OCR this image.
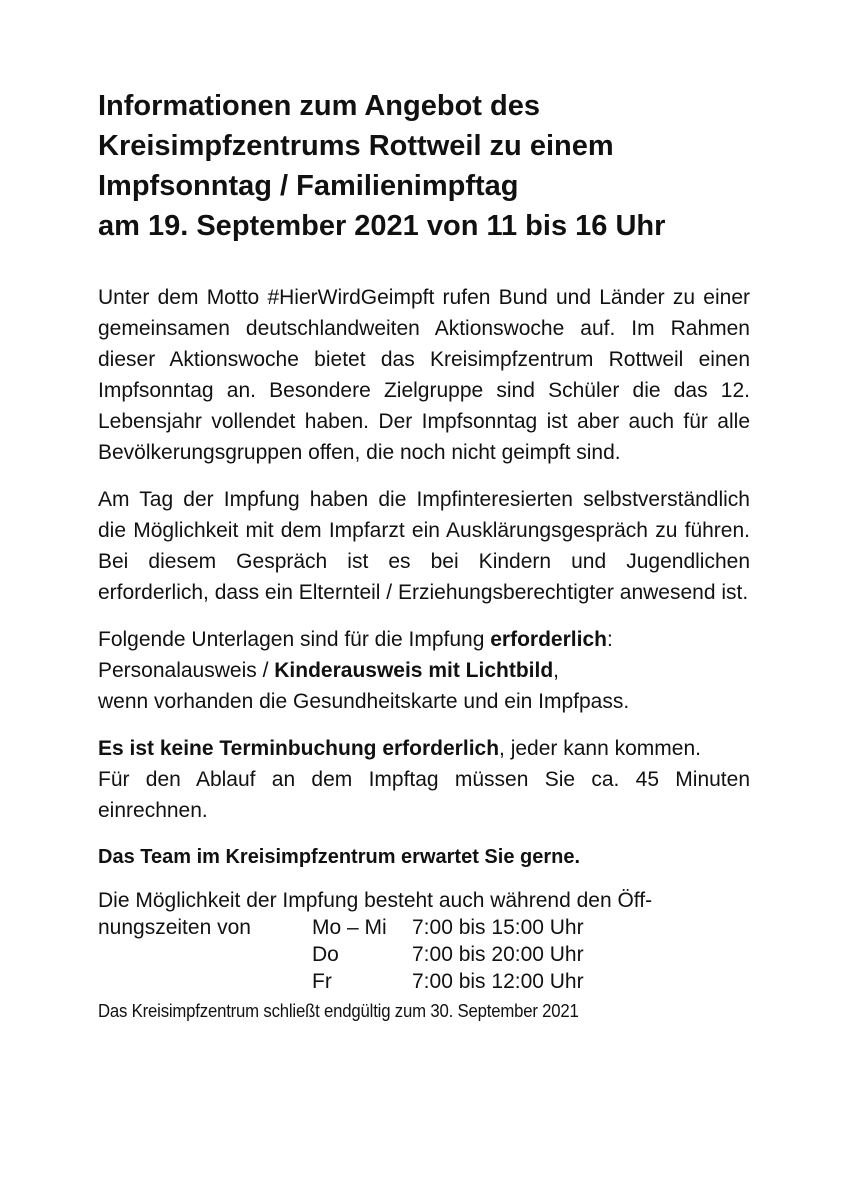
Informationen zum Angebot des
Kreisimpfzentrums Rottweil zu einem
Impfsonntag / Familienimpftag
am 19. September 2021 von 11 bis 16 Uhr

Unter dem Motto #HierWirdGeimpft rufen Bund und Länder zu einer gemeinsamen deutschlandweiten Aktionswoche auf. Im Rahmen dieser Aktionswoche bietet das Kreisimpfzentrum Rottweil einen Impfsonntag an. Besondere Zielgruppe sind Schüler die das 12. Lebensjahr vollendet haben. Der Impfsonntag ist aber auch für alle Bevölkerungsgruppen offen, die noch nicht geimpft sind.

Am Tag der Impfung haben die Impfinteresierten selbstverständlich die Möglichkeit mit dem Impfarzt ein Ausklärungsgespräch zu führen. Bei diesem Gespräch ist es bei Kindern und Jugendlichen erforderlich, dass ein Elternteil / Erziehungsberechtigter anwesend ist.

Folgende Unterlagen sind für die Impfung erforderlich:
Personalausweis / Kinderausweis mit Lichtbild,
wenn vorhanden die Gesundheitskarte und ein Impfpass.

Es ist keine Terminbuchung erforderlich, jeder kann kommen.

Für den Ablauf an dem Impftag müssen Sie ca. 45 Minuten einrechnen.

Das Team im Kreisimpfzentrum erwartet Sie gerne.
Die Möglichkeit der Impfung besteht auch während den Öff-
nungszeiten von	Mo – Mi	7:00 bis 15:00 Uhr
Do	7:00 bis 20:00 Uhr
Fr	7:00 bis 12:00 Uhr
Das Kreisimpfzentrum schließt endgültig zum 30. September 2021
